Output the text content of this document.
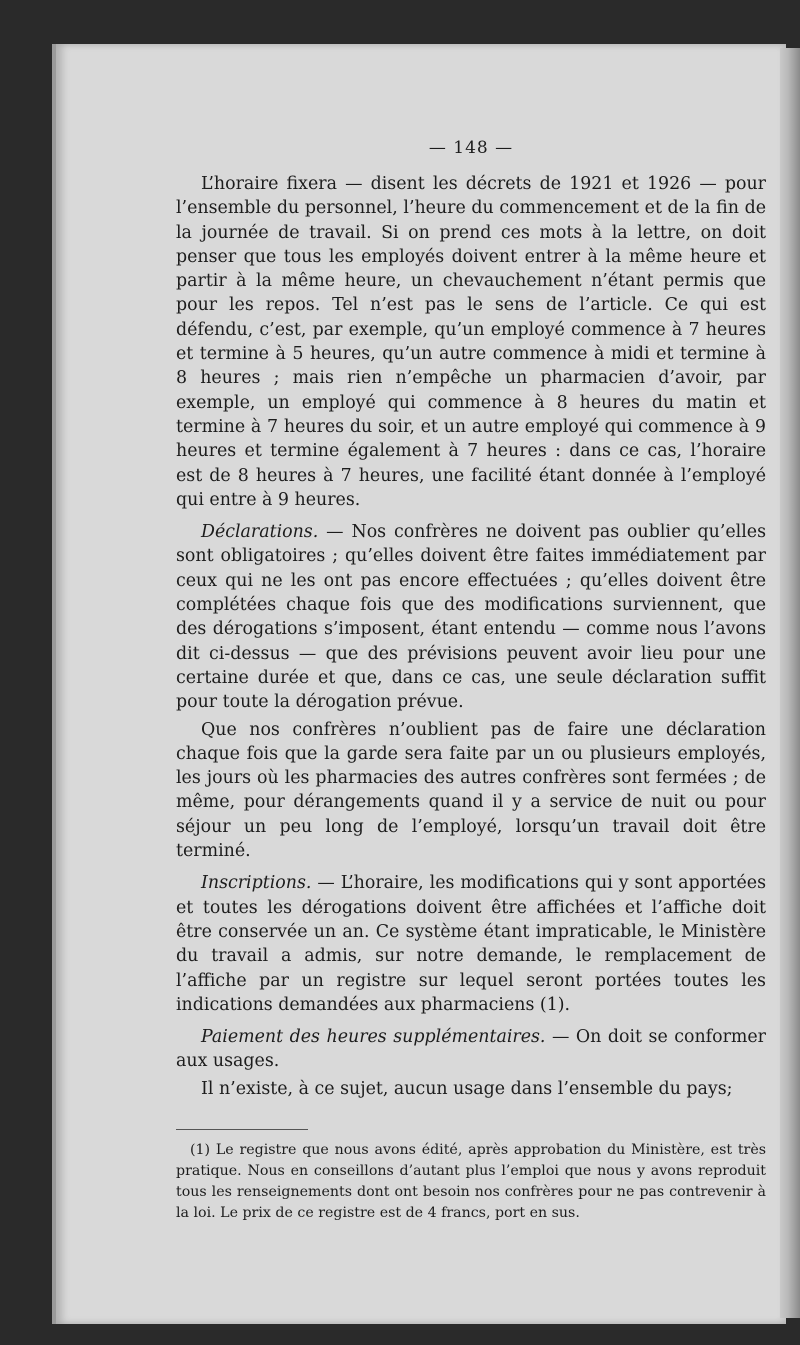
— 148 —

L’horaire fixera — disent les décrets de 1921 et 1926 — pour l’ensemble du personnel, l’heure du commencement et de la fin de la journée de travail. Si on prend ces mots à la lettre, on doit penser que tous les employés doivent entrer à la même heure et partir à la même heure, un chevauchement n’étant permis que pour les repos. Tel n’est pas le sens de l’article. Ce qui est défendu, c’est, par exemple, qu’un employé commence à 7 heures et termine à 5 heures, qu’un autre commence à midi et termine à 8 heures ; mais rien n’empêche un pharmacien d’avoir, par exemple, un employé qui commence à 8 heures du matin et termine à 7 heures du soir, et un autre employé qui commence à 9 heures et termine également à 7 heures : dans ce cas, l’horaire est de 8 heures à 7 heures, une facilité étant donnée à l’employé qui entre à 9 heures.

Déclarations. — Nos confrères ne doivent pas oublier qu’elles sont obligatoires ; qu’elles doivent être faites immédiatement par ceux qui ne les ont pas encore effectuées ; qu’elles doivent être complétées chaque fois que des modifications surviennent, que des dérogations s’imposent, étant entendu — comme nous l’avons dit ci-dessus — que des prévisions peuvent avoir lieu pour une certaine durée et que, dans ce cas, une seule déclaration suffit pour toute la dérogation prévue.

Que nos confrères n’oublient pas de faire une déclaration chaque fois que la garde sera faite par un ou plusieurs employés, les jours où les pharmacies des autres confrères sont fermées ; de même, pour dérangements quand il y a service de nuit ou pour séjour un peu long de l’employé, lorsqu’un travail doit être terminé.

Inscriptions. — L’horaire, les modifications qui y sont apportées et toutes les dérogations doivent être affichées et l’affiche doit être conservée un an. Ce système étant impraticable, le Ministère du travail a admis, sur notre demande, le remplacement de l’affiche par un registre sur lequel seront portées toutes les indications demandées aux pharmaciens (1).

Paiement des heures supplémentaires. — On doit se conformer aux usages.

Il n’existe, à ce sujet, aucun usage dans l’ensemble du pays;

(1) Le registre que nous avons édité, après approbation du Ministère, est très pratique. Nous en conseillons d’autant plus l’emploi que nous y avons reproduit tous les renseignements dont ont besoin nos confrères pour ne pas contrevenir à la loi. Le prix de ce registre est de 4 francs, port en sus.
